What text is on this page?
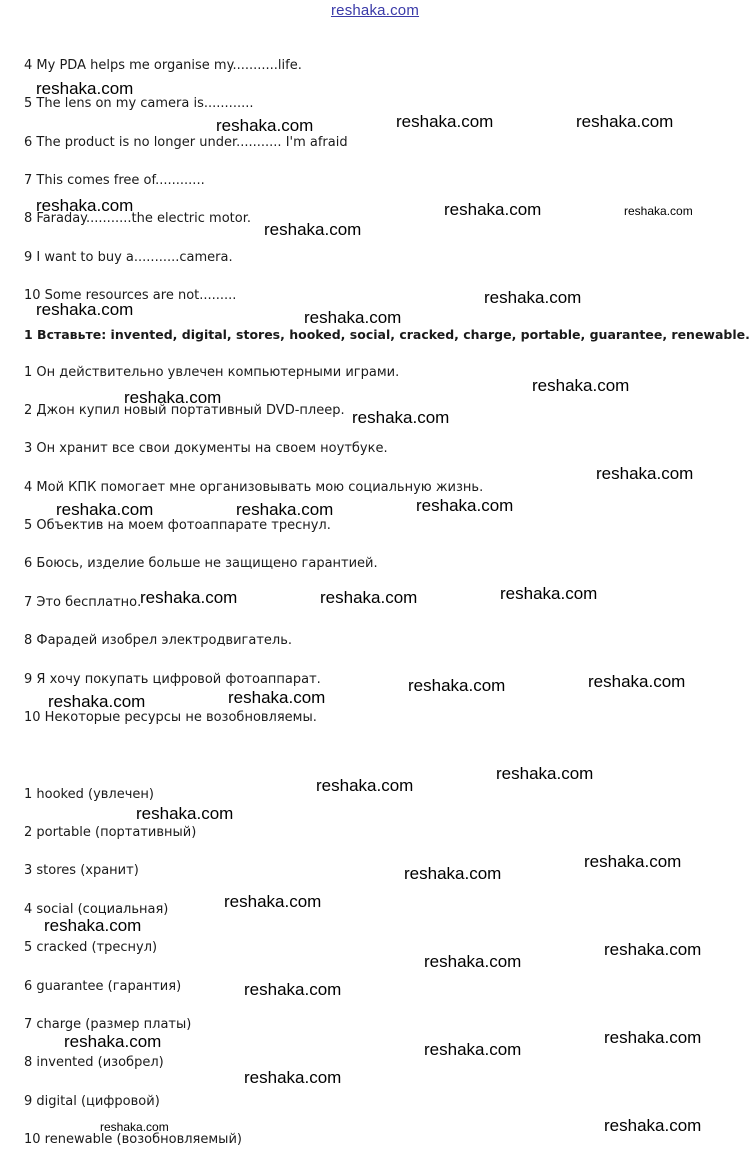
reshaka.com
4 My PDA helps me organise my...........life.
5 The lens on my camera is............
6 The product is no longer under........... I'm afraid
7 This comes free of............
8 Faraday...........the electric motor.
9 I want to buy a...........camera.
10 Some resources are not.........
1 Вставьте: invented, digital, stores, hooked, social, cracked, charge, portable, guarantee, renewable.
1 Он действительно увлечен компьютерными играми.
2 Джон купил новый портативный DVD-плеер.
3 Он хранит все свои документы на своем ноутбуке.
4 Мой КПК помогает мне организовывать мою социальную жизнь.
5 Объектив на моем фотоаппарате треснул.
6 Боюсь, изделие больше не защищено гарантией.
7 Это бесплатно.
8 Фарадей изобрел электродвигатель.
9 Я хочу покупать цифровой фотоаппарат.
10 Некоторые ресурсы не возобновляемы.
1 hooked (увлечен)
2 portable (портативный)
3 stores (хранит)
4 social (социальная)
5 cracked (треснул)
6 guarantee (гарантия)
7 charge (размер платы)
8 invented (изобрел)
9 digital (цифровой)
10 renewable (возобновляемый)
reshaka.com
reshaka.com	reshaka.com	reshaka.com
reshaka.com	reshaka.com	reshaka.com
reshaka.com
reshaka.com
reshaka.com	reshaka.com
reshaka.com
reshaka.com
reshaka.com
reshaka.com
reshaka.com
reshaka.com	reshaka.com
reshaka.com	reshaka.com	reshaka.com
reshaka.com
reshaka.com
reshaka.com
reshaka.com
reshaka.com
reshaka.com
reshaka.com
reshaka.com
reshaka.com
reshaka.com
reshaka.com
reshaka.com
reshaka.com
reshaka.com
reshaka.com
reshaka.com	reshaka.com
reshaka.com
reshaka.com	reshaka.com
